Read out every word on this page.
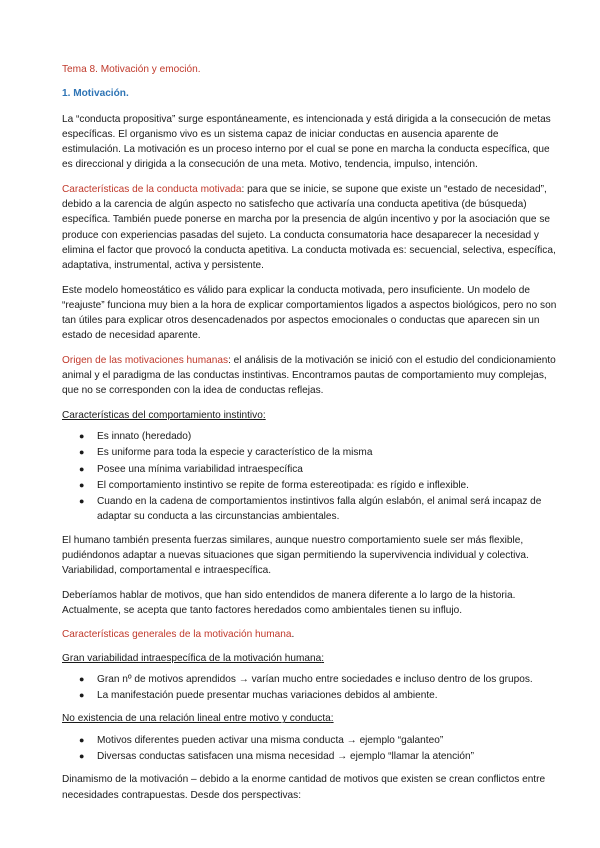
Tema 8. Motivación y emoción.

1. Motivación.

La “conducta propositiva” surge espontáneamente, es intencionada y está dirigida a la consecución de metas específicas. El organismo vivo es un sistema capaz de iniciar conductas en ausencia aparente de estimulación. La motivación es un proceso interno por el cual se pone en marcha la conducta específica, que es direccional y dirigida a la consecución de una meta. Motivo, tendencia, impulso, intención.

Características de la conducta motivada: para que se inicie, se supone que existe un “estado de necesidad”, debido a la carencia de algún aspecto no satisfecho que activaría una conducta apetitiva (de búsqueda) específica. También puede ponerse en marcha por la presencia de algún incentivo y por la asociación que se produce con experiencias pasadas del sujeto. La conducta consumatoria hace desaparecer la necesidad y elimina el factor que provocó la conducta apetitiva. La conducta motivada es: secuencial, selectiva, específica, adaptativa, instrumental, activa y persistente.

Este modelo homeostático es válido para explicar la conducta motivada, pero insuficiente. Un modelo de “reajuste” funciona muy bien a la hora de explicar comportamientos ligados a aspectos biológicos, pero no son tan útiles para explicar otros desencadenados por aspectos emocionales o conductas que aparecen sin un estado de necesidad aparente.

Origen de las motivaciones humanas: el análisis de la motivación se inició con el estudio del condicionamiento animal y el paradigma de las conductas instintivas. Encontramos pautas de comportamiento muy complejas, que no se corresponden con la idea de conductas reflejas.

Características del comportamiento instintivo:

● Es innato (heredado)
● Es uniforme para toda la especie y característico de la misma
● Posee una mínima variabilidad intraespecífica
● El comportamiento instintivo se repite de forma estereotipada: es rígido e inflexible.
● Cuando en la cadena de comportamientos instintivos falla algún eslabón, el animal será incapaz de adaptar su conducta a las circunstancias ambientales.

El humano también presenta fuerzas similares, aunque nuestro comportamiento suele ser más flexible, pudiéndonos adaptar a nuevas situaciones que sigan permitiendo la supervivencia individual y colectiva. Variabilidad, comportamental e intraespecífica.

Deberíamos hablar de motivos, que han sido entendidos de manera diferente a lo largo de la historia. Actualmente, se acepta que tanto factores heredados como ambientales tienen su influjo.

Características generales de la motivación humana.

Gran variabilidad intraespecífica de la motivación humana:

● Gran nº de motivos aprendidos → varían mucho entre sociedades e incluso dentro de los grupos.
● La manifestación puede presentar muchas variaciones debidos al ambiente.

No existencia de una relación lineal entre motivo y conducta:

● Motivos diferentes pueden activar una misma conducta → ejemplo “galanteo”
● Diversas conductas satisfacen una misma necesidad → ejemplo “llamar la atención”

Dinamismo de la motivación – debido a la enorme cantidad de motivos que existen se crean conflictos entre necesidades contrapuestas. Desde dos perspectivas:
